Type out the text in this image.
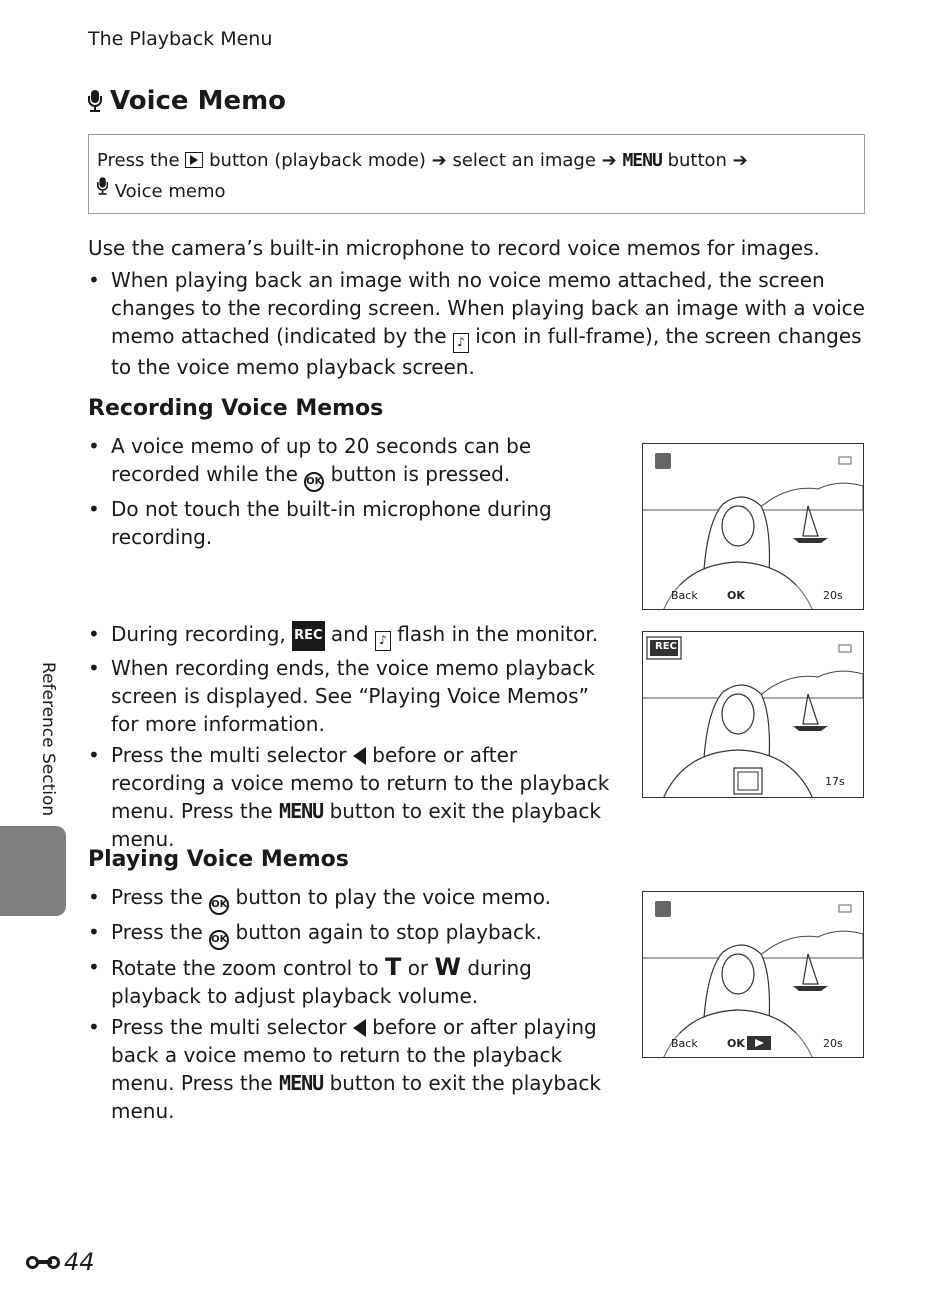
The Playback Menu
Voice Memo
Press the button (playback mode) ➔ select an image ➔ MENU button ➔
Voice memo
Use the camera’s built-in microphone to record voice memos for images.
• When playing back an image with no voice memo attached, the screen changes to the recording screen. When playing back an image with a voice memo attached (indicated by the ♪ icon in full-frame), the screen changes to the voice memo playback screen.
Recording Voice Memos
• A voice memo of up to 20 seconds can be recorded while the OK button is pressed.
• Do not touch the built-in microphone during recording.
• During recording, REC and ♪ flash in the monitor.
• When recording ends, the voice memo playback screen is displayed. See “Playing Voice Memos” for more information.
• Press the multi selector before or after recording a voice memo to return to the playback menu. Press the MENU button to exit the playback menu.
Playing Voice Memos
• Press the OK button to play the voice memo.
• Press the OK button again to stop playback.
• Rotate the zoom control to T or W during playback to adjust playback volume.
• Press the multi selector before or after playing back a voice memo to return to the playback menu. Press the MENU button to exit the playback menu.
Back	OK	20s
REC
17s
Back	OK	20s
Reference Section
44
